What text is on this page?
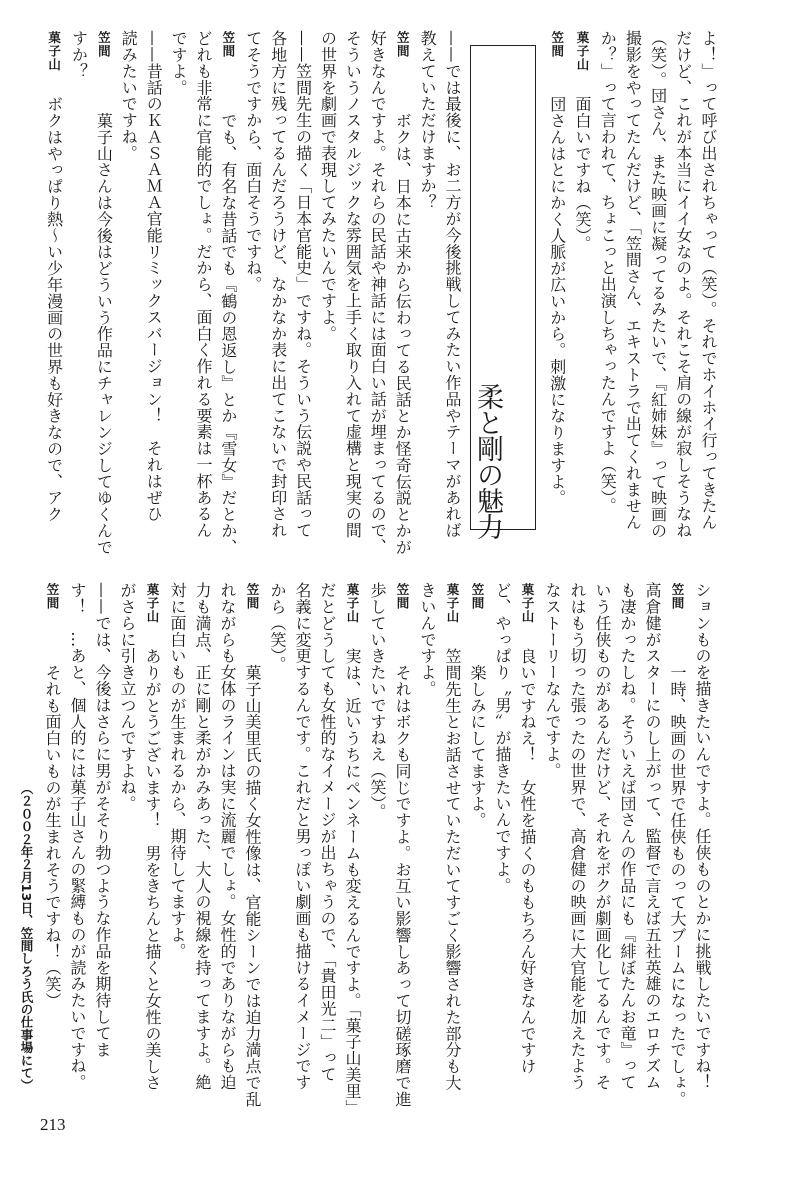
よ！」って呼び出されちゃって（笑）。それでホイホイ行ってきたん
だけど、これが本当にイイ女なのよ。それこそ肩の線が寂しそうなね
（笑）。団さん、また映画に凝ってるみたいで、『紅姉妹』って映画の
撮影をやってたんだけど、「笠間さん、エキストラで出てくれません
か？」って言われて、ちょこっと出演しちゃったんですよ（笑）。
菓子山
面白いですね（笑）。
笠間
団さんはとにかく人脈が広いから。刺激になりますよ。
——では最後に、お二方が今後挑戦してみたい作品やテーマがあれば
教えていただけますか？
笠間
　ボクは、日本に古来から伝わってる民話とか怪奇伝説とかが
好きなんですよ。それらの民話や神話には面白い話が埋まってるので、
そういうノスタルジックな雰囲気を上手く取り入れて虚構と現実の間
の世界を劇画で表現してみたいんですよ。
——笠間先生の描く「日本官能史」ですね。そういう伝説や民話って
各地方に残ってるんだろうけど、なかなか表に出てこないで封印され
てそうですから、面白そうですね。
笠間
　でも、有名な昔話でも『鶴の恩返し』とか『雪女』だとか、
どれも非常に官能的でしょ。だから、面白く作れる要素は一杯あるん
ですよ。
——昔話のＫＡＳＡＭＡ官能リミックスバージョン！　それはぜひ
読みたいですね。
笠間
　菓子山さんは今後はどういう作品にチャレンジしてゆくんで
すか？
菓子山
ボクはやっぱり熱～い少年漫画の世界も好きなので、アク	柔と剛の魅力
ションものを描きたいんですよ。任侠ものとかに挑戦したいですね！
笠間
　一時、映画の世界で任侠ものって大ブームになったでしょ。
高倉健がスターにのし上がって、監督で言えば五社英雄のエロチズム
も凄かったしね。そういえば団さんの作品にも『緋ぼたんお竜』って
いう任侠ものがあるんだけど、それをボクが劇画化してるんです。そ
れはもう切った張ったの世界で、高倉健の映画に大官能を加えたよう
なストーリーなんですよ。
菓子山
良いですねえ！　女性を描くのももちろん好きなんですけ
ど、やっぱり〝男〟が描きたいんですよ。
笠間
　楽しみにしてますよ。
菓子山
笠間先生とお話させていただいてすごく影響された部分も大
きいんですよ。
笠間
　それはボクも同じですよ。お互い影響しあって切磋琢磨で進
歩していきたいですねえ（笑）。
菓子山
実は、近いうちにペンネームも変えるんですよ。「菓子山美里」
だとどうしても女性的なイメージが出ちゃうので、「貴田光二」って
名義に変更するんです。これだと男っぽい劇画も描けるイメージです
から（笑）。
笠間
　菓子山美里氏の描く女性像は、官能シーンでは迫力満点で乱
れながらも女体のラインは実に流麗でしょ。女性的でありながらも迫
力も満点、正に剛と柔がかみあった、大人の視線を持ってますよ。絶
対に面白いものが生まれるから、期待してますよ。
菓子山
ありがとうございます！　男をきちんと描くと女性の美しさ
がさらに引き立つんですよね。
——では、今後はさらに男がそそり勃つような作品を期待してま
す！　…あと、個人的には菓子山さんの緊縛ものが読みたいですね。
笠間
　それも面白いものが生まれそうですね！（笑）
（２００２年２月13日、笠間しろう氏の仕事場にて）
213
